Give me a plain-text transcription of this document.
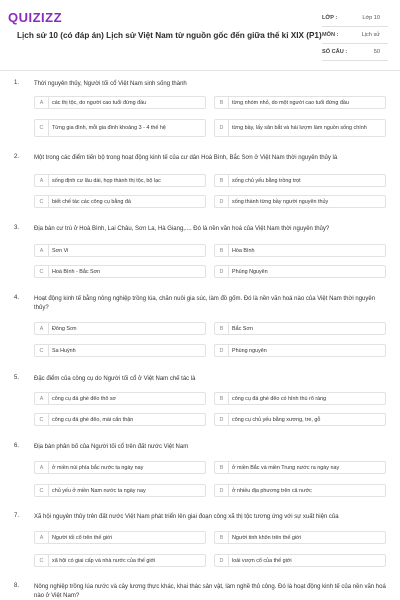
QUIZIZZ
Lịch sử 10 (có đáp án) Lịch sử Việt Nam từ nguồn gốc đến giữa thế kỉ XIX (P1)
LỚP :	Lớp 10
MÔN :	Lịch sử
SỐ CÂU :	50
1. Thời nguyên thủy, Người tối cổ Việt Nam sinh sống thành
A	các thị tộc, do người cao tuổi đứng đầu	B	từng nhóm nhỏ, do một người cao tuổi đứng đầu
C	Từng gia đình, mỗi gia đình khoảng 3 - 4 thế hệ	D	từng bầy, lấy săn bắt và hái lượm làm nguồn sống chính
2. Một trong các điểm tiến bộ trong hoạt động kinh tế của cư dân Hoà Bình, Bắc Sơn ở Việt Nam thời nguyên thủy là
A	sống định cư lâu dài, họp thành thị tộc, bộ lạc	B	sống chủ yếu bằng trồng trọt
C	biết chế tác các công cụ bằng đá	D	sống thành từng bầy người nguyên thủy
3. Địa bàn cư trú ở Hoà Bình, Lai Châu, Sơn La, Hà Giang,.... Đó là nền văn hoá của Việt Nam thời nguyên thủy?
A	Sơn Vi	B	Hòa Bình
C	Hoà Bình - Bắc Sơn	D	Phùng Nguyên
4. Hoạt động kinh tế bằng nông nghiệp trồng lúa, chăn nuôi gia súc, làm đồ gốm. Đó là nền văn hoá nào của Việt Nam thời nguyên thủy?
A	Đông Sơn	B	Bắc Sơn
C	Sa Huỳnh	D	Phùng nguyên
5. Đặc điểm của công cụ do Người tối cổ ở Việt Nam chế tác là
A	công cụ đá ghè đẽo thô sơ	B	công cụ đá ghè đẽo có hình thù rõ ràng
C	công cụ đá ghè đẽo, mài cẩn thận	D	công cụ chủ yếu bằng xương, tre, gỗ
6. Địa bàn phân bố của Người tối cổ trên đất nước Việt Nam
A	ở miền núi phía bắc nước ta ngày nay	B	ở miền Bắc và miền Trung nước ra ngày nay
C	chủ yếu ở miền Nam nước ta ngày nay	D	ở nhiều địa phương trên cả nước
7. Xã hội nguyên thủy trên đất nước Việt Nam phát triển lên giai đoạn công xã thị tộc tương ứng với sự xuất hiện của
A	Người tối cổ trên thế giới	B	Người tinh khôn trên thế giới
C	xã hội có giai cấp và nhà nước của thế giới	D	loài vượn cổ của thế giới
8. Nông nghiệp trồng lúa nước và cây lương thực khác, khai thác sản vật, làm nghề thủ công. Đó là hoạt động kinh tế của nền văn hoá nào ở Việt Nam?
